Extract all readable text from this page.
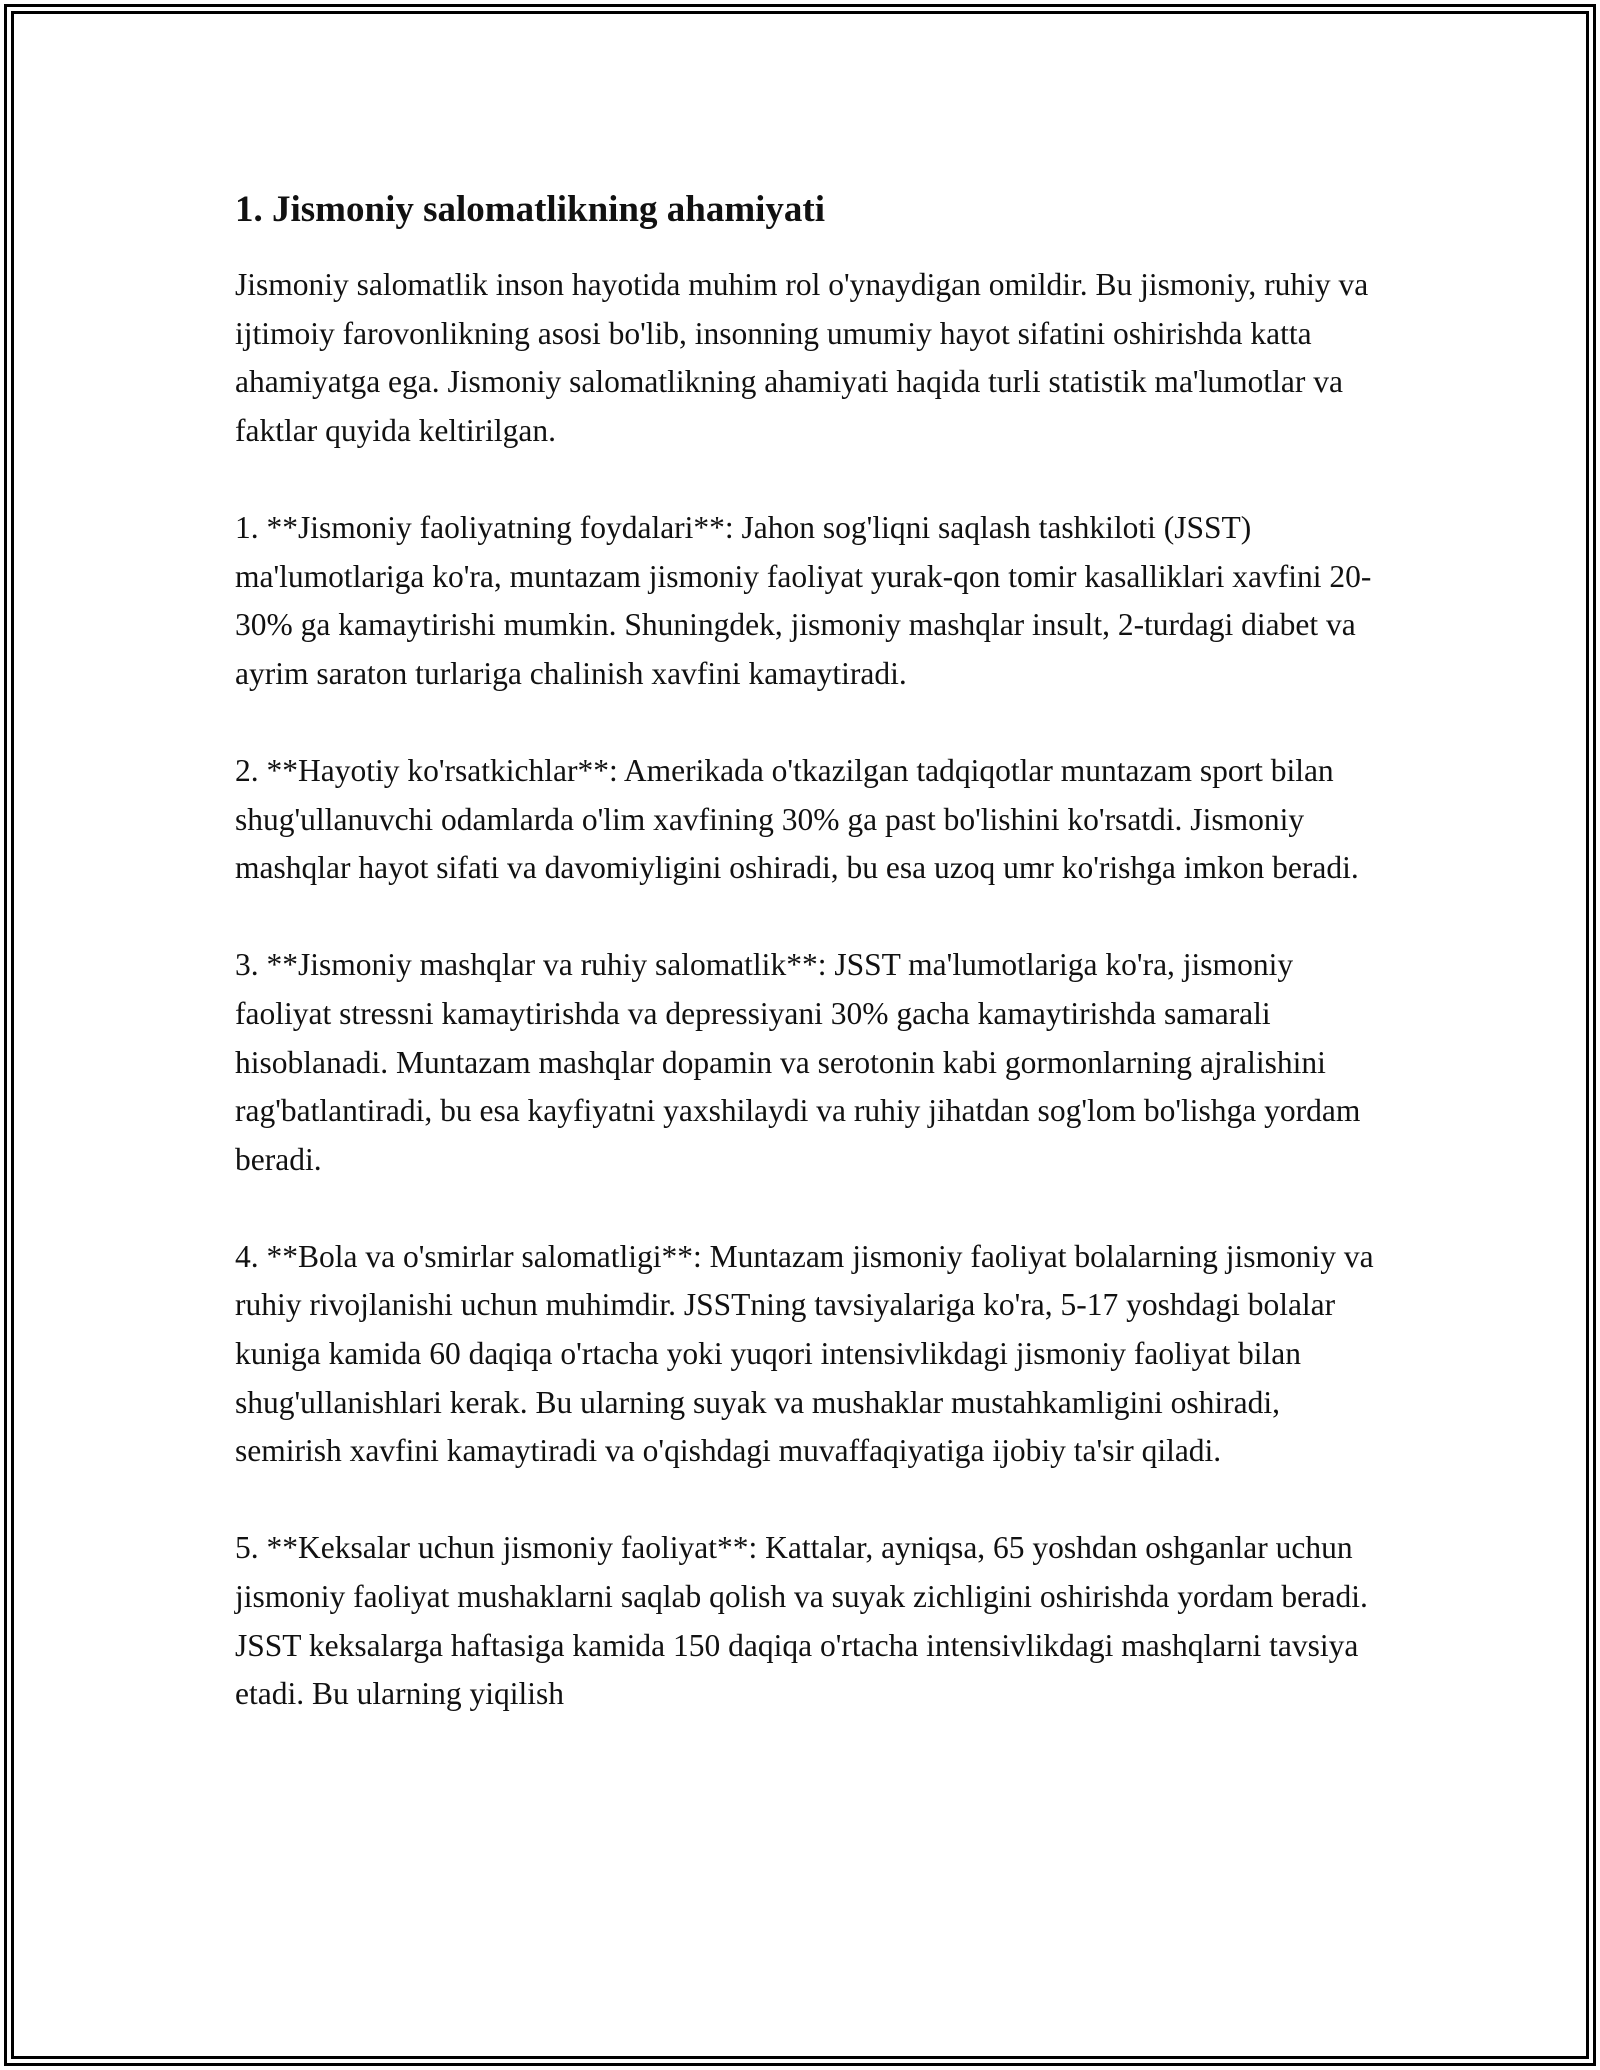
1. Jismoniy salomatlikning ahamiyati

Jismoniy salomatlik inson hayotida muhim rol o'ynaydigan omildir. Bu jismoniy, ruhiy va ijtimoiy farovonlikning asosi bo'lib, insonning umumiy hayot sifatini oshirishda katta ahamiyatga ega. Jismoniy salomatlikning ahamiyati haqida turli statistik ma'lumotlar va faktlar quyida keltirilgan.

1. **Jismoniy faoliyatning foydalari**: Jahon sog'liqni saqlash tashkiloti (JSST) ma'lumotlariga ko'ra, muntazam jismoniy faoliyat yurak-qon tomir kasalliklari xavfini 20-30% ga kamaytirishi mumkin. Shuningdek, jismoniy mashqlar insult, 2-turdagi diabet va ayrim saraton turlariga chalinish xavfini kamaytiradi.

2. **Hayotiy ko'rsatkichlar**: Amerikada o'tkazilgan tadqiqotlar muntazam sport bilan shug'ullanuvchi odamlarda o'lim xavfining 30% ga past bo'lishini ko'rsatdi. Jismoniy mashqlar hayot sifati va davomiyligini oshiradi, bu esa uzoq umr ko'rishga imkon beradi.

3. **Jismoniy mashqlar va ruhiy salomatlik**: JSST ma'lumotlariga ko'ra, jismoniy faoliyat stressni kamaytirishda va depressiyani 30% gacha kamaytirishda samarali hisoblanadi. Muntazam mashqlar dopamin va serotonin kabi gormonlarning ajralishini rag'batlantiradi, bu esa kayfiyatni yaxshilaydi va ruhiy jihatdan sog'lom bo'lishga yordam beradi.

4. **Bola va o'smirlar salomatligi**: Muntazam jismoniy faoliyat bolalarning jismoniy va ruhiy rivojlanishi uchun muhimdir. JSSTning tavsiyalariga ko'ra, 5-17 yoshdagi bolalar kuniga kamida 60 daqiqa o'rtacha yoki yuqori intensivlikdagi jismoniy faoliyat bilan shug'ullanishlari kerak. Bu ularning suyak va mushaklar mustahkamligini oshiradi, semirish xavfini kamaytiradi va o'qishdagi muvaffaqiyatiga ijobiy ta'sir qiladi.

5. **Keksalar uchun jismoniy faoliyat**: Kattalar, ayniqsa, 65 yoshdan oshganlar uchun jismoniy faoliyat mushaklarni saqlab qolish va suyak zichligini oshirishda yordam beradi. JSST keksalarga haftasiga kamida 150 daqiqa o'rtacha intensivlikdagi mashqlarni tavsiya etadi. Bu ularning yiqilish
